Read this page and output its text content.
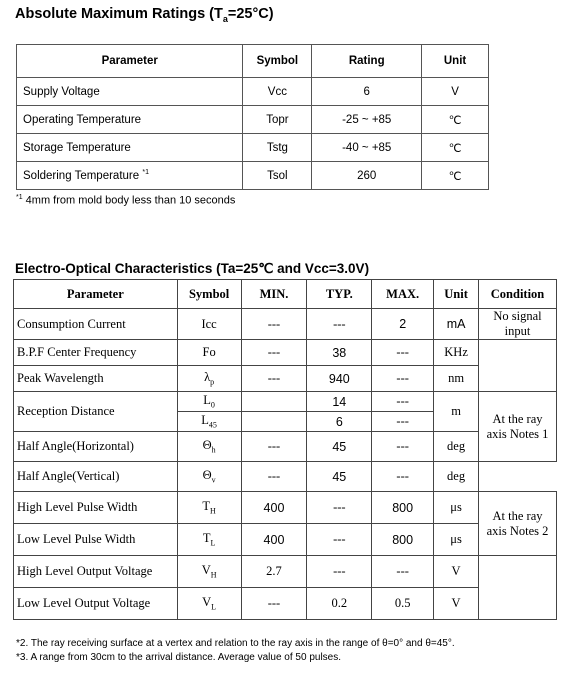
Absolute Maximum Ratings $(T_a=25^\circ C)$
Parameter	Symbol	Rating	Unit
Supply Voltage	Vcc	6	V
Operating Temperature	Topr	-25 ~ +85	℃
Storage Temperature	Tstg	-40 ~ +85	℃
Soldering Temperature $^{*1}$	Tsol	260	℃
$^{*1}$ 4mm from mold body less than 10 seconds
Electro-Optical Characteristics (Ta=25℃ and Vcc=3.0V)
Parameter	Symbol	MIN.	TYP.	MAX.	Unit	Condition
Consumption Current	Icc	---	---	2	mA	No signal input
B.P.F Center Frequency	Fo	---	38	---	KHz	
Peak Wavelength	$\lambda_p$	---	940	---	nm	
Reception Distance	$L_0$		14	---	m	At the ray axis Notes 1
	$L_{45}$		6	---		
Half Angle(Horizontal)	$\Theta_h$	---	45	---	deg	
Half Angle(Vertical)	$\Theta_v$	---	45	---	deg	
High Level Pulse Width	$T_H$	400	---	800	μs	At the ray axis Notes 2
Low Level Pulse Width	$T_L$	400	---	800	μs	
High Level Output Voltage	$V_H$	2.7	---	---	V	
Low Level Output Voltage	$V_L$	---	0.2	0.5	V	
*2. The ray receiving surface at a vertex and relation to the ray axis in the range of θ=0° and θ=45°.
*3. A range from 30cm to the arrival distance. Average value of 50 pulses.
